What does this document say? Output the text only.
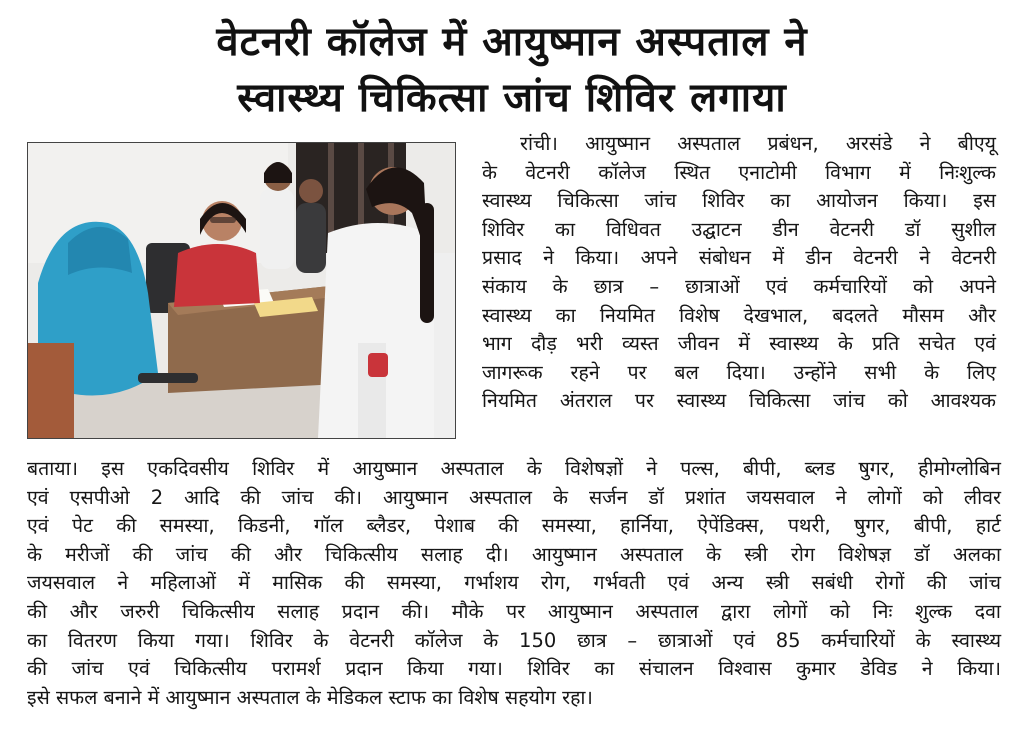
वेटनरी कॉलेज में आयुष्मान अस्पताल ने
स्वास्थ्य चिकित्सा जांच शिविर लगाया
रांची। आयुष्मान अस्पताल प्रबंधन, अरसंडे ने बीएयू
के वेटनरी कॉलेज स्थित एनाटोमी विभाग में निःशुल्क
स्वास्थ्य चिकित्सा जांच शिविर का आयोजन किया। इस
शिविर का विधिवत उद्घाटन डीन वेटनरी डॉ सुशील
प्रसाद ने किया। अपने संबोधन में डीन वेटनरी ने वेटनरी
संकाय के छात्र – छात्राओं एवं कर्मचारियों को अपने
स्वास्थ्य का नियमित विशेष देखभाल, बदलते मौसम और
भाग दौड़ भरी व्यस्त जीवन में स्वास्थ्य के प्रति सचेत एवं
जागरूक रहने पर बल दिया। उन्होंने सभी के लिए
नियमित अंतराल पर स्वास्थ्य चिकित्सा जांच को आवश्यक
बताया। इस एकदिवसीय शिविर में आयुष्मान अस्पताल के विशेषज्ञों ने पल्स, बीपी, ब्लड षुगर, हीमोग्लोबिन
एवं एसपीओ 2 आदि की जांच की। आयुष्मान अस्पताल के सर्जन डॉ प्रशांत जयसवाल ने लोगों को लीवर
एवं पेट की समस्या, किडनी, गॉल ब्लैडर, पेशाब की समस्या, हार्निया, ऐपेंडिक्स, पथरी, षुगर, बीपी, हार्ट
के मरीजों की जांच की और चिकित्सीय सलाह दी। आयुष्मान अस्पताल के स्त्री रोग विशेषज्ञ डॉ अलका
जयसवाल ने महिलाओं में मासिक की समस्या, गर्भाशय रोग, गर्भवती एवं अन्य स्त्री सबंधी रोगों की जांच
की और जरुरी चिकित्सीय सलाह प्रदान की। मौके पर आयुष्मान अस्पताल द्वारा लोगों को निः शुल्क दवा
का वितरण किया गया। शिविर के वेटनरी कॉलेज के 150 छात्र – छात्राओं एवं 85 कर्मचारियों के स्वास्थ्य
की जांच एवं चिकित्सीय परामर्श प्रदान किया गया। शिविर का संचालन विश्वास कुमार डेविड ने किया।
इसे सफल बनाने में आयुष्मान अस्पताल के मेडिकल स्टाफ का विशेष सहयोग रहा।
